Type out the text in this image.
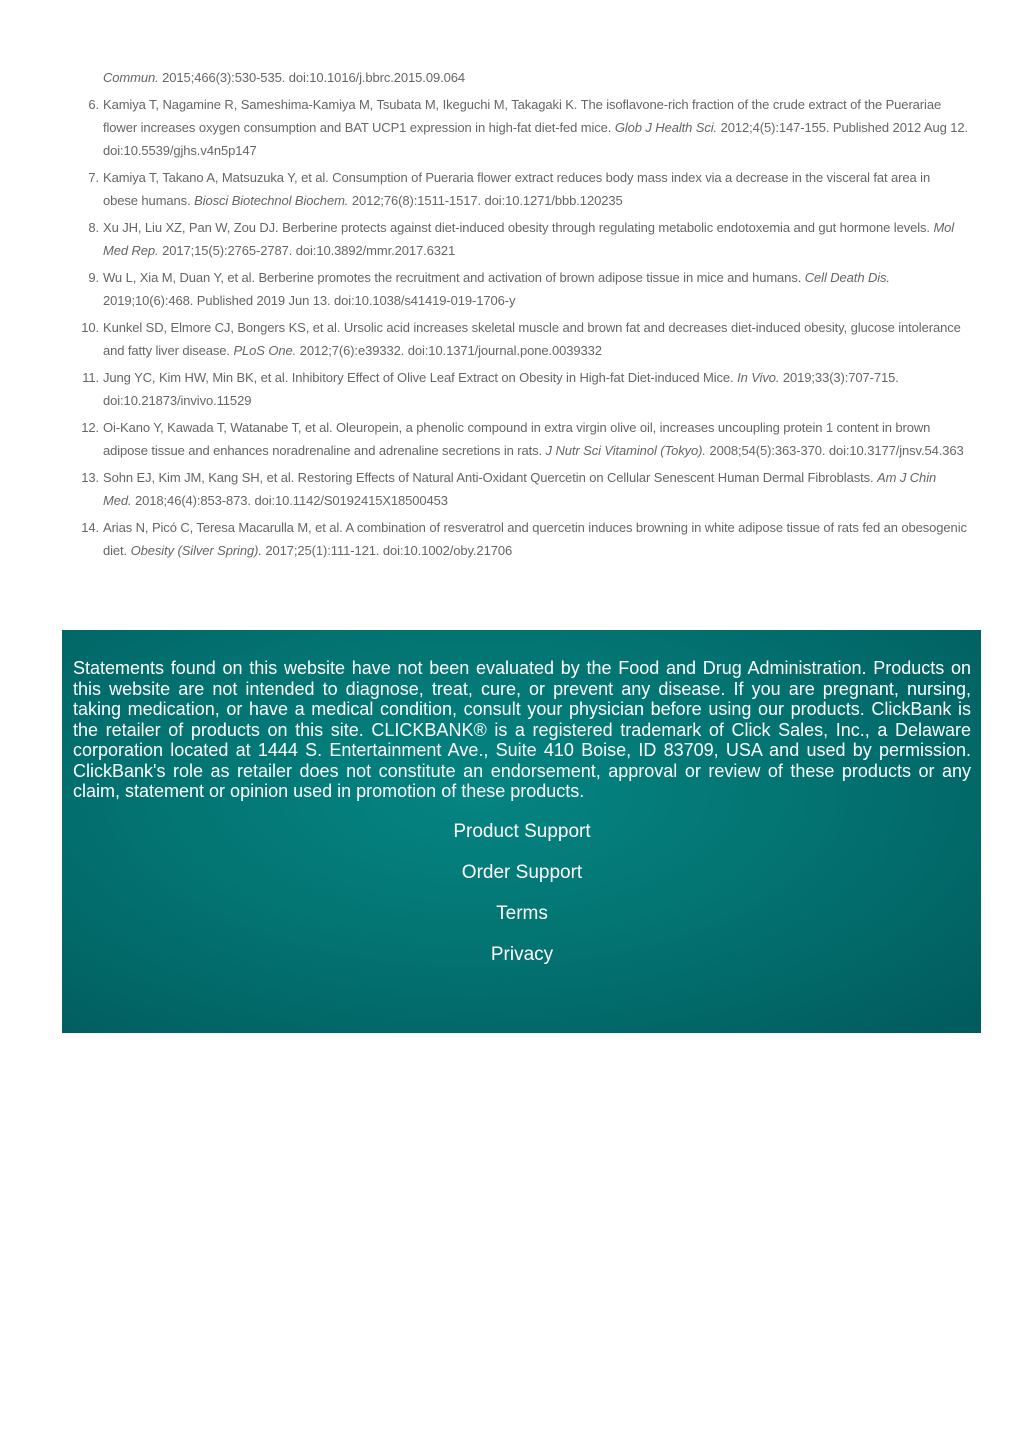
Commun. 2015;466(3):530-535. doi:10.1016/j.bbrc.2015.09.064
6. Kamiya T, Nagamine R, Sameshima-Kamiya M, Tsubata M, Ikeguchi M, Takagaki K. The isoflavone-rich fraction of the crude extract of the Puerariae flower increases oxygen consumption and BAT UCP1 expression in high-fat diet-fed mice. Glob J Health Sci. 2012;4(5):147-155. Published 2012 Aug 12. doi:10.5539/gjhs.v4n5p147
7. Kamiya T, Takano A, Matsuzuka Y, et al. Consumption of Pueraria flower extract reduces body mass index via a decrease in the visceral fat area in obese humans. Biosci Biotechnol Biochem. 2012;76(8):1511-1517. doi:10.1271/bbb.120235
8. Xu JH, Liu XZ, Pan W, Zou DJ. Berberine protects against diet-induced obesity through regulating metabolic endotoxemia and gut hormone levels. Mol Med Rep. 2017;15(5):2765-2787. doi:10.3892/mmr.2017.6321
9. Wu L, Xia M, Duan Y, et al. Berberine promotes the recruitment and activation of brown adipose tissue in mice and humans. Cell Death Dis. 2019;10(6):468. Published 2019 Jun 13. doi:10.1038/s41419-019-1706-y
10. Kunkel SD, Elmore CJ, Bongers KS, et al. Ursolic acid increases skeletal muscle and brown fat and decreases diet-induced obesity, glucose intolerance and fatty liver disease. PLoS One. 2012;7(6):e39332. doi:10.1371/journal.pone.0039332
11. Jung YC, Kim HW, Min BK, et al. Inhibitory Effect of Olive Leaf Extract on Obesity in High-fat Diet-induced Mice. In Vivo. 2019;33(3):707-715. doi:10.21873/invivo.11529
12. Oi-Kano Y, Kawada T, Watanabe T, et al. Oleuropein, a phenolic compound in extra virgin olive oil, increases uncoupling protein 1 content in brown adipose tissue and enhances noradrenaline and adrenaline secretions in rats. J Nutr Sci Vitaminol (Tokyo). 2008;54(5):363-370. doi:10.3177/jnsv.54.363
13. Sohn EJ, Kim JM, Kang SH, et al. Restoring Effects of Natural Anti-Oxidant Quercetin on Cellular Senescent Human Dermal Fibroblasts. Am J Chin Med. 2018;46(4):853-873. doi:10.1142/S0192415X18500453
14. Arias N, Picó C, Teresa Macarulla M, et al. A combination of resveratrol and quercetin induces browning in white adipose tissue of rats fed an obesogenic diet. Obesity (Silver Spring). 2017;25(1):111-121. doi:10.1002/oby.21706

Statements found on this website have not been evaluated by the Food and Drug Administration. Products on this website are not intended to diagnose, treat, cure, or prevent any disease. If you are pregnant, nursing, taking medication, or have a medical condition, consult your physician before using our products. ClickBank is the retailer of products on this site. CLICKBANK® is a registered trademark of Click Sales, Inc., a Delaware corporation located at 1444 S. Entertainment Ave., Suite 410 Boise, ID 83709, USA and used by permission. ClickBank's role as retailer does not constitute an endorsement, approval or review of these products or any claim, statement or opinion used in promotion of these products.

Product Support
Order Support
Terms
Privacy
